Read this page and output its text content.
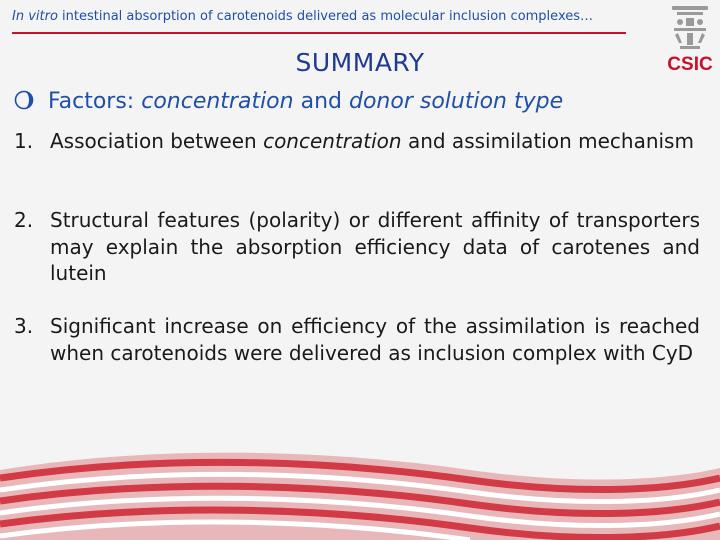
In vitro intestinal absorption of carotenoids delivered as molecular inclusion complexes…
CSIC
SUMMARY
Factors: concentration and donor solution type
1. Association between concentration and assimilation mechanism
2. Structural features (polarity) or different affinity of transporters may explain the absorption efficiency data of carotenes and lutein
3. Significant increase on efficiency of the assimilation is reached when carotenoids were delivered as inclusion complex with CyD
